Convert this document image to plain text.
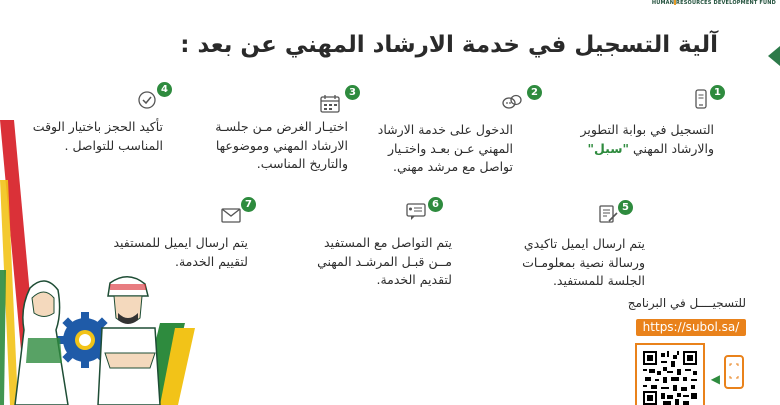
HUMAN RESOURCES DEVELOPMENT FUND
آلية التسجيل في خدمة الارشاد المهني عن بعد :
1
التسجيل في بوابة التطوير
والارشاد المهني "سبل"
2
الدخول على خدمة الارشاد
المهني عـن بعـد واختـيار
تواصل مع مرشد مهني.
3
اختيـار الغرض مـن جلسـة
الارشاد المهني وموضوعها
والتاريخ المناسب.
4
تأكيد الحجز باختيار الوقت
المناسب للتواصل .
5
يتم ارسال ايميل تاكيدي
ورسالة نصية بمعلومـات
الجلسة للمستفيد.
6
يتم التواصل مع المستفيد
مــن قبـل المرشـد المهني
لتقديم الخدمة.
7
يتم ارسال ايميل للمستفيد
لتقييم الخدمة.
للتسجيــــل في البرنامج
https://subol.sa/
◀
